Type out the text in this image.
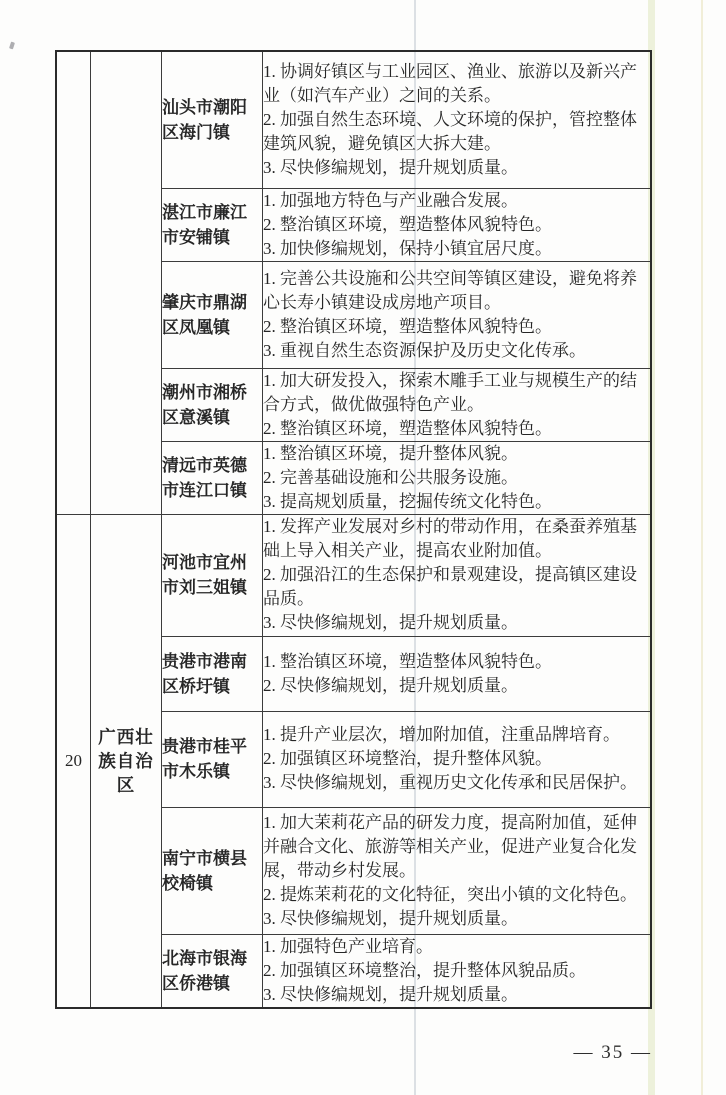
		汕头市潮阳区海门镇	1. 协调好镇区与工业园区、渔业、旅游以及新兴产业（如汽车产业）之间的关系。
2. 加强自然生态环境、人文环境的保护，管控整体建筑风貌，避免镇区大拆大建。
3. 尽快修编规划，提升规划质量。

		湛江市廉江市安铺镇	1. 加强地方特色与产业融合发展。
2. 整治镇区环境，塑造整体风貌特色。
3. 加快修编规划，保持小镇宜居尺度。

		肇庆市鼎湖区凤凰镇	1. 完善公共设施和公共空间等镇区建设，避免将养心长寿小镇建设成房地产项目。
2. 整治镇区环境，塑造整体风貌特色。
3. 重视自然生态资源保护及历史文化传承。

		潮州市湘桥区意溪镇	1. 加大研发投入，探索木雕手工业与规模生产的结合方式，做优做强特色产业。
2. 整治镇区环境，塑造整体风貌特色。

		清远市英德市连江口镇	1. 整治镇区环境，提升整体风貌。
2. 完善基础设施和公共服务设施。
3. 提高规划质量，挖掘传统文化特色。

20	广西壮族自治区	河池市宜州市刘三姐镇	1. 发挥产业发展对乡村的带动作用，在桑蚕养殖基础上导入相关产业，提高农业附加值。
2. 加强沿江的生态保护和景观建设，提高镇区建设品质。
3. 尽快修编规划，提升规划质量。

		贵港市港南区桥圩镇	1. 整治镇区环境，塑造整体风貌特色。
2. 尽快修编规划，提升规划质量。

		贵港市桂平市木乐镇	1. 提升产业层次，增加附加值，注重品牌培育。
2. 加强镇区环境整治，提升整体风貌。
3. 尽快修编规划，重视历史文化传承和民居保护。

		南宁市横县校椅镇	1. 加大茉莉花产品的研发力度，提高附加值，延伸并融合文化、旅游等相关产业，促进产业复合化发展，带动乡村发展。
2. 提炼茉莉花的文化特征，突出小镇的文化特色。
3. 尽快修编规划，提升规划质量。

		北海市银海区侨港镇	1. 加强特色产业培育。
2. 加强镇区环境整治，提升整体风貌品质。
3. 尽快修编规划，提升规划质量。
— 35 —
